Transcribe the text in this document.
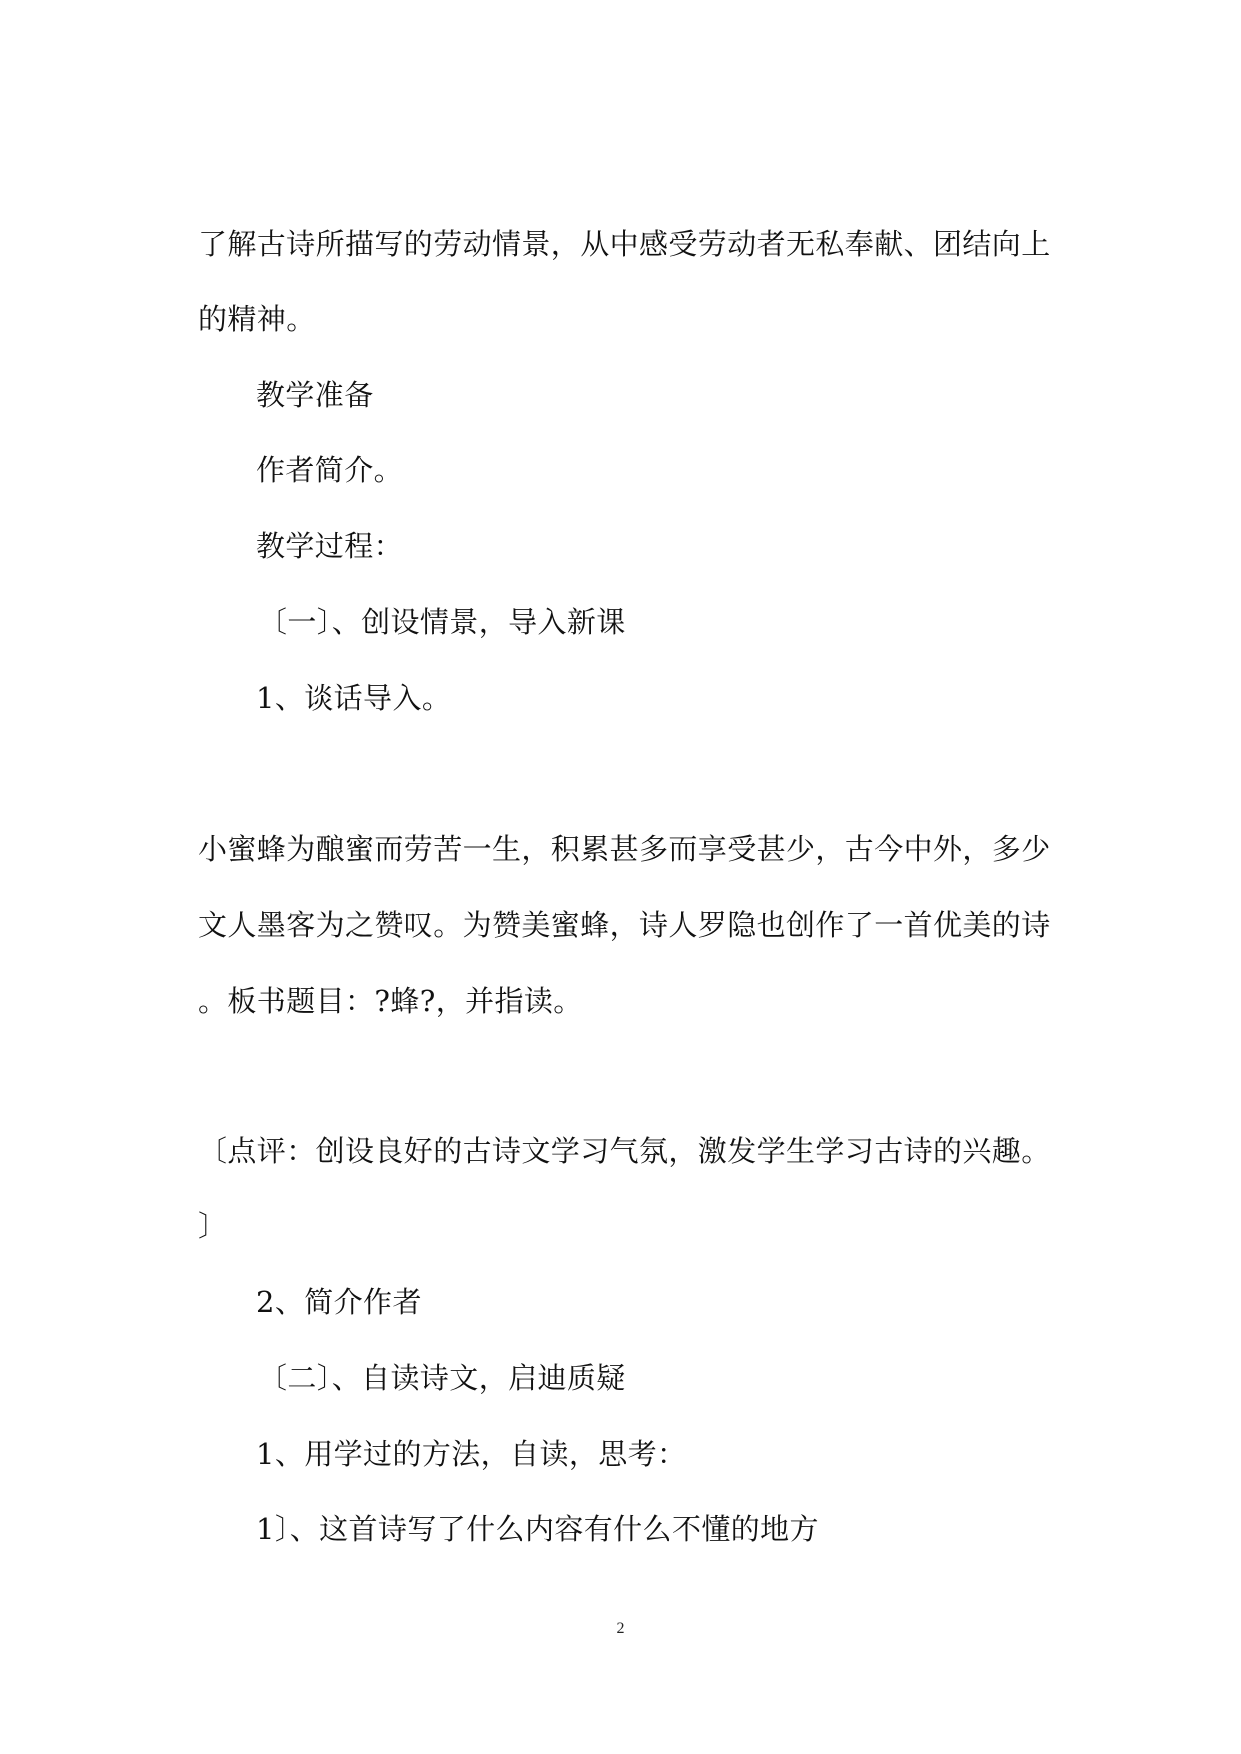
了解古诗所描写的劳动情景，从中感受劳动者无私奉献、团结向上
的精神。
教学准备
作者简介。
教学过程：
〔一〕、创设情景，导入新课
1、谈话导入。
小蜜蜂为酿蜜而劳苦一生，积累甚多而享受甚少，古今中外，多少
文人墨客为之赞叹。为赞美蜜蜂，诗人罗隐也创作了一首优美的诗
。板书题目：?蜂?，并指读。
〔点评：创设良好的古诗文学习气氛，激发学生学习古诗的兴趣。
〕
2、简介作者
〔二〕、自读诗文，启迪质疑
1、用学过的方法，自读，思考：
1〕、这首诗写了什么内容有什么不懂的地方
2
